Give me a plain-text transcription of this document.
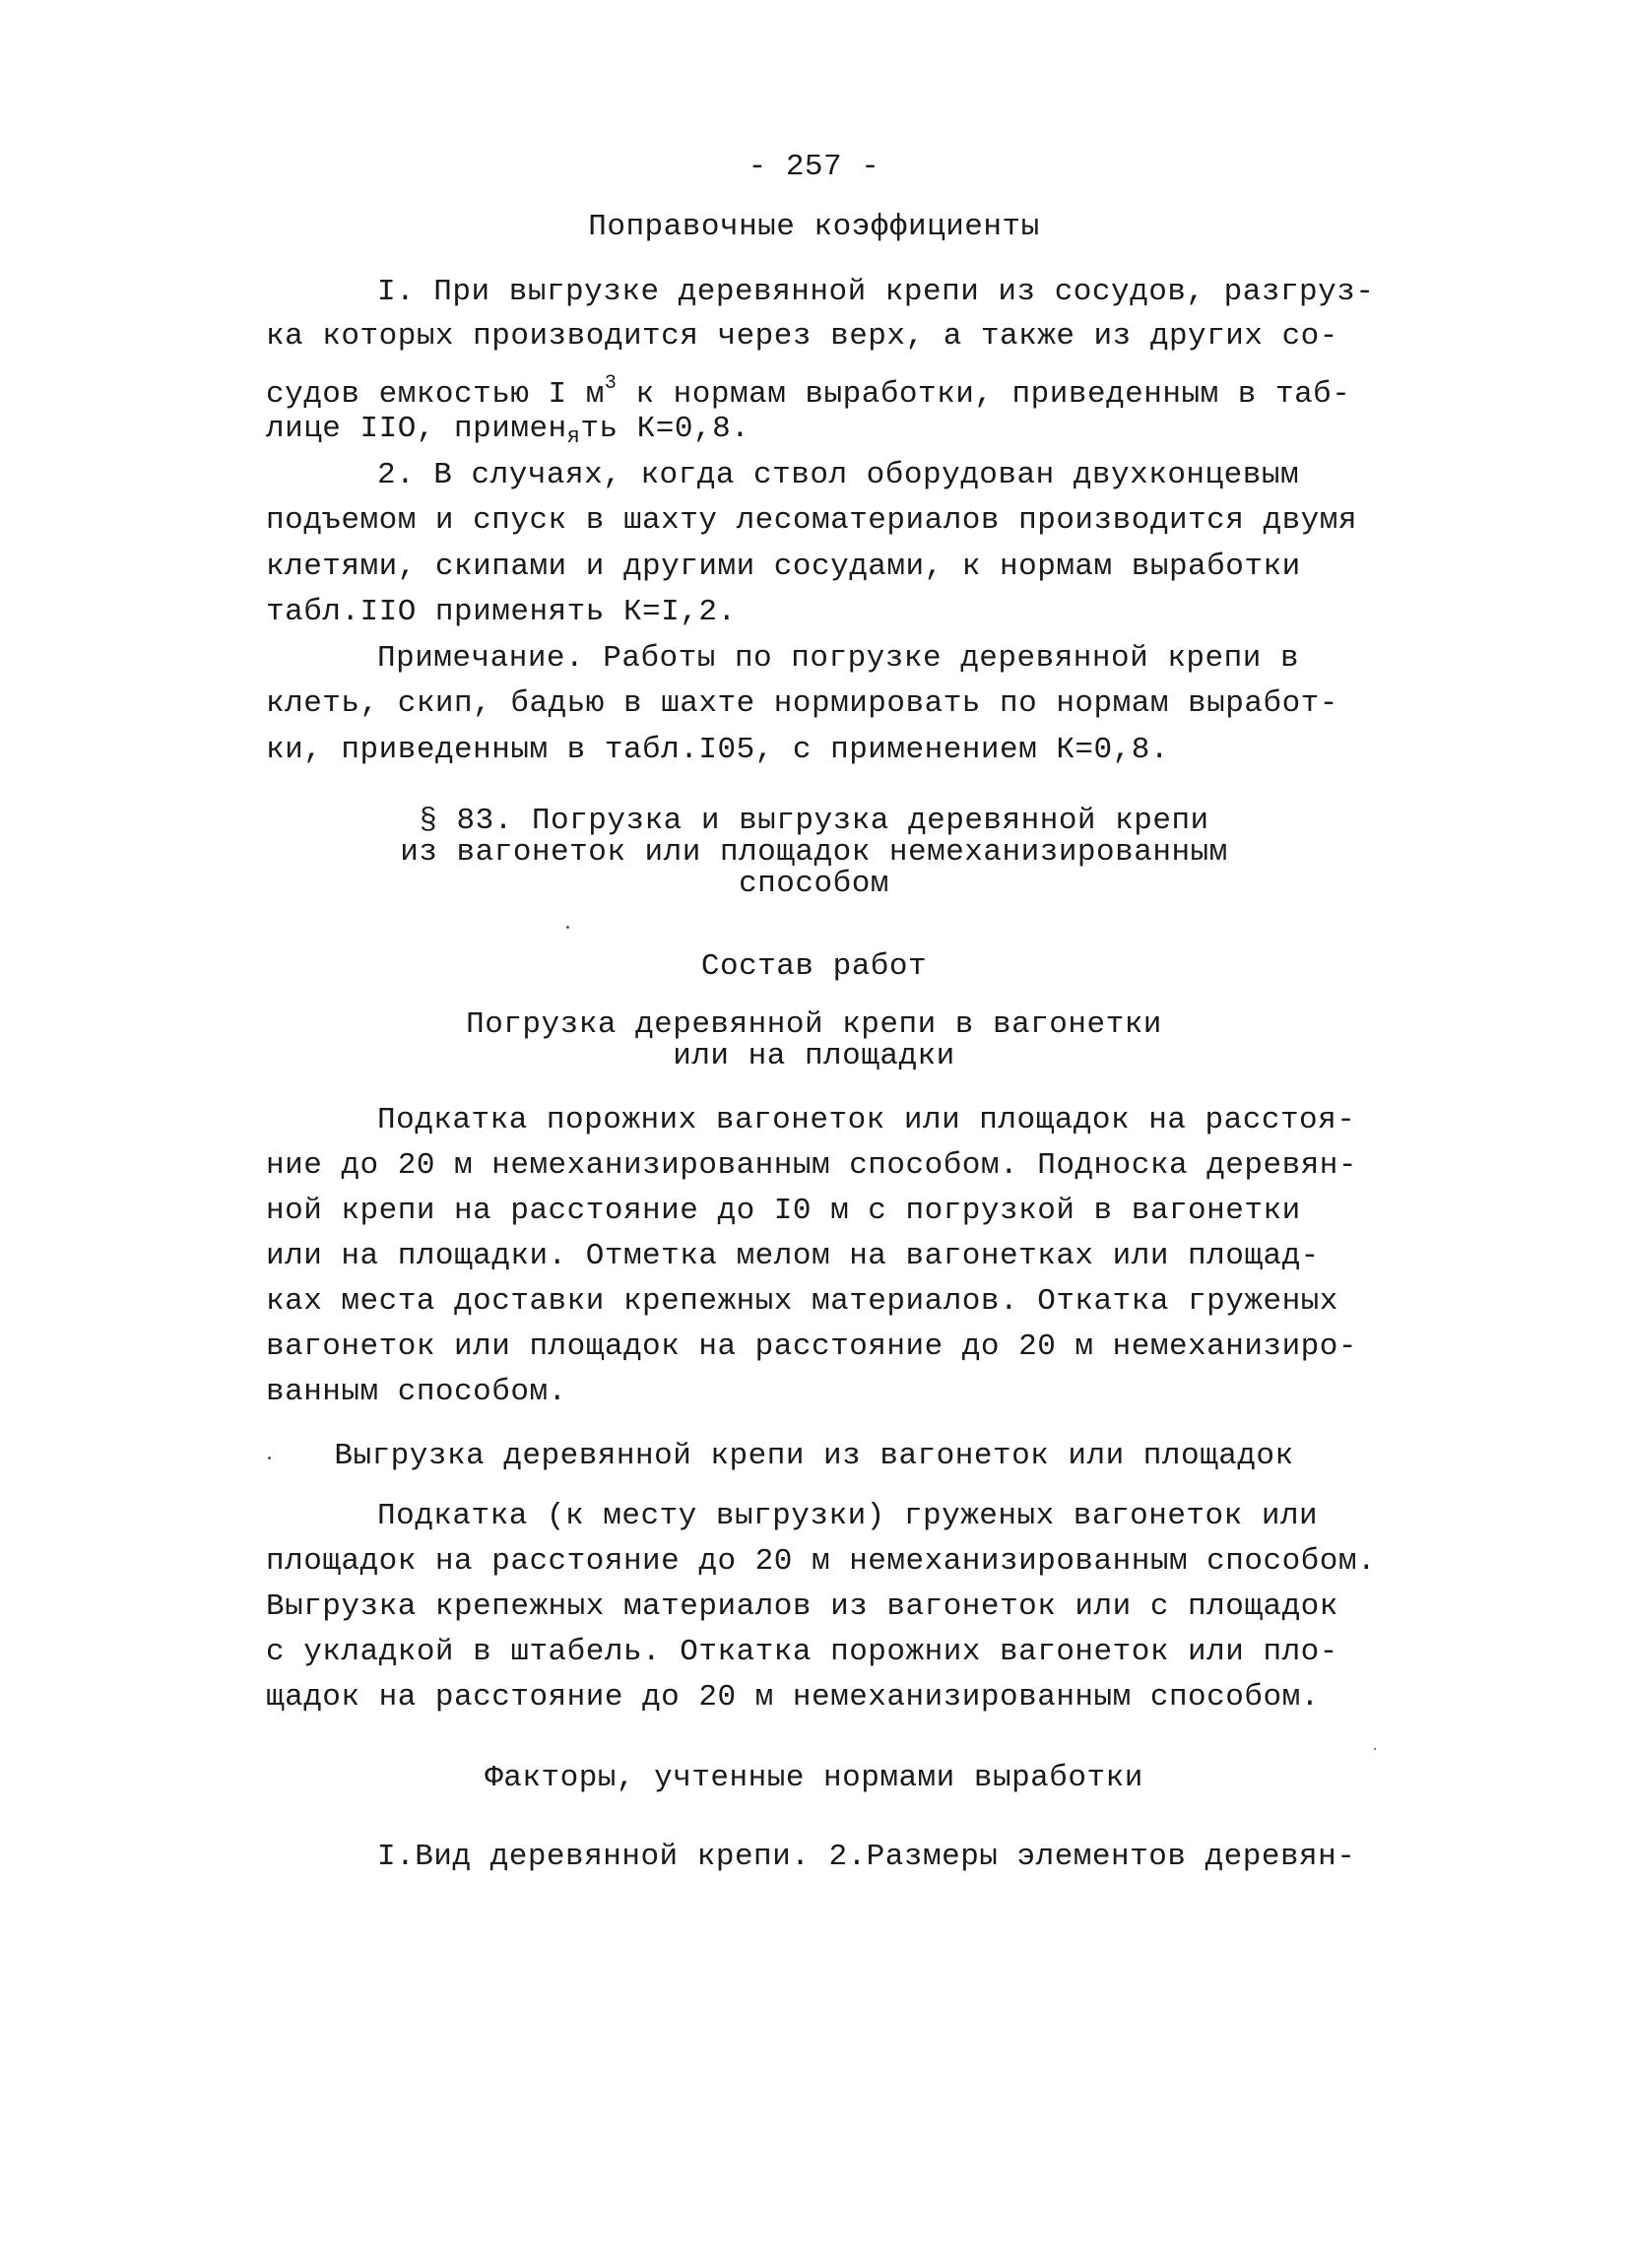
- 257 -
Поправочные коэффициенты
I. При выгрузке деревянной крепи из сосудов, разгруз-
ка которых производится через верх, а также из других со-
судов емкостью I $м^3$ к нормам выработки, приведенным в таб-
лице IIO, примен$_я$ть К=0,8.
2. В случаях, когда ствол оборудован двухконцевым
подъемом и спуск в шахту лесоматериалов производится двумя
клетями, скипами и другими сосудами, к нормам выработки
табл.IIO применять К=I,2.
Примечание. Работы по погрузке деревянной крепи в
клеть, скип, бадью в шахте нормировать по нормам выработ-
ки, приведенным в табл.I05, с применением К=0,8.
§ 83. Погрузка и выгрузка деревянной крепи
из вагонеток или площадок немеханизированным
способом
Состав работ
Погрузка деревянной крепи в вагонетки
или на площадки
Подкатка порожних вагонеток или площадок на расстоя-
ние до 20 м немеханизированным способом. Подноска деревян-
ной крепи на расстояние до I0 м с погрузкой в вагонетки
или на площадки. Отметка мелом на вагонетках или площад-
ках места доставки крепежных материалов. Откатка груженых
вагонеток или площадок на расстояние до 20 м немеханизиро-
ванным способом.
Выгрузка деревянной крепи из вагонеток или площадок
Подкатка (к месту выгрузки) груженых вагонеток или
площадок на расстояние до 20 м немеханизированным способом.
Выгрузка крепежных материалов из вагонеток или с площадок
с укладкой в штабель. Откатка порожних вагонеток или пло-
щадок на расстояние до 20 м немеханизированным способом.
Факторы, учтенные нормами выработки
I.Вид деревянной крепи. 2.Размеры элементов деревян-
